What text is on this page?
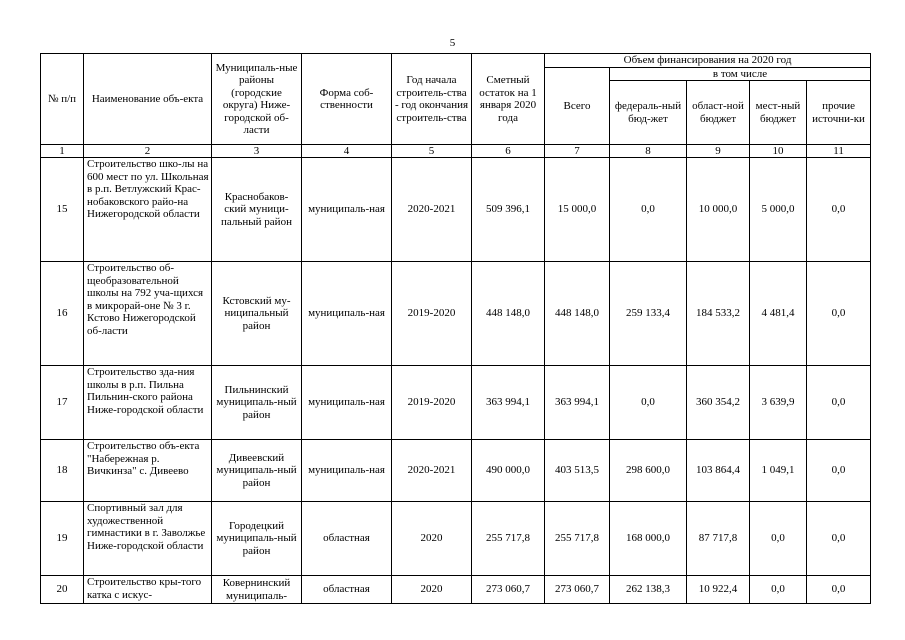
5
№ п/п	Наименование объ-екта	Муниципаль-ные районы (городские округа) Ниже-городской об-ласти	Форма соб-ственности	Год начала строитель-ства - год окончания строитель-ства	Сметный остаток на 1 января 2020 года	Объем финансирования на 2020 год				
						Всего	в том числе			
							федераль-ный бюд-жет	област-ной бюджет	мест-ный бюджет	прочие источни-ки
1	2	3	4	5	6	7	8	9	10	11
15	Строительство шко-лы на 600 мест по ул. Школьная в р.п. Ветлужский Крас-нобаковского райо-на Нижегородской области	Краснобаков-ский муници-пальный район	муниципаль-ная	2020-2021	509 396,1	15 000,0	0,0	10 000,0	5 000,0	0,0
16	Строительство об-щеобразовательной школы на 792 уча-щихся в микрорай-оне № 3 г. Кстово Нижегородской об-ласти	Кстовский му-ниципальный район	муниципаль-ная	2019-2020	448 148,0	448 148,0	259 133,4	184 533,2	4 481,4	0,0
17	Строительство зда-ния школы в р.п. Пильна Пильнин-ского района Ниже-городской области	Пильнинский муниципаль-ный район	муниципаль-ная	2019-2020	363 994,1	363 994,1	0,0	360 354,2	3 639,9	0,0
18	Строительство объ-екта "Набережная р. Вичкинза" с. Дивеево	Дивеевский муниципаль-ный район	муниципаль-ная	2020-2021	490 000,0	403 513,5	298 600,0	103 864,4	1 049,1	0,0
19	Спортивный зал для художественной гимнастики в г. Заволжье Ниже-городской области	Городецкий муниципаль-ный район	областная	2020	255 717,8	255 717,8	168 000,0	87 717,8	0,0	0,0
20	Строительство кры-того катка с искус-	Ковернинский муниципаль-	областная	2020	273 060,7	273 060,7	262 138,3	10 922,4	0,0	0,0
